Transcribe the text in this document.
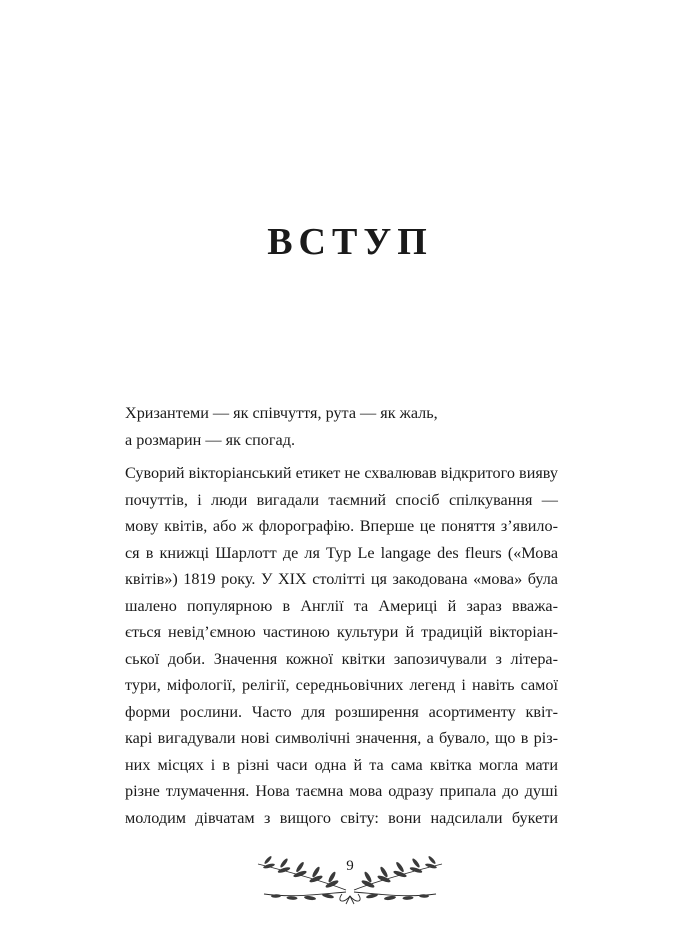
ВСТУП
Хризантеми — як співчуття, рута — як жаль,
а розмарин — як спогад.
Суворий вікторіанський етикет не схвалював відкритого вияву
почуттів, і люди вигадали таємний спосіб спілкування —
мову квітів, або ж флорографію. Вперше це поняття з’явило-
ся в книжці Шарлотт де ля Тур Le langage des fleurs («Мова
квітів») 1819 року. У XIX столітті ця закодована «мова» була
шалено популярною в Англії та Америці й зараз вважа-
ється невід’ємною частиною культури й традицій вікторіан-
ської доби. Значення кожної квітки запозичували з літера-
тури, міфології, релігії, середньовічних легенд і навіть самої
форми рослини. Часто для розширення асортименту квіт-
карі вигадували нові символічні значення, а бувало, що в різ-
них місцях і в різні часи одна й та сама квітка могла мати
різне тлумачення. Нова таємна мова одразу припала до душі
молодим дівчатам з вищого світу: вони надсилали букети

9
